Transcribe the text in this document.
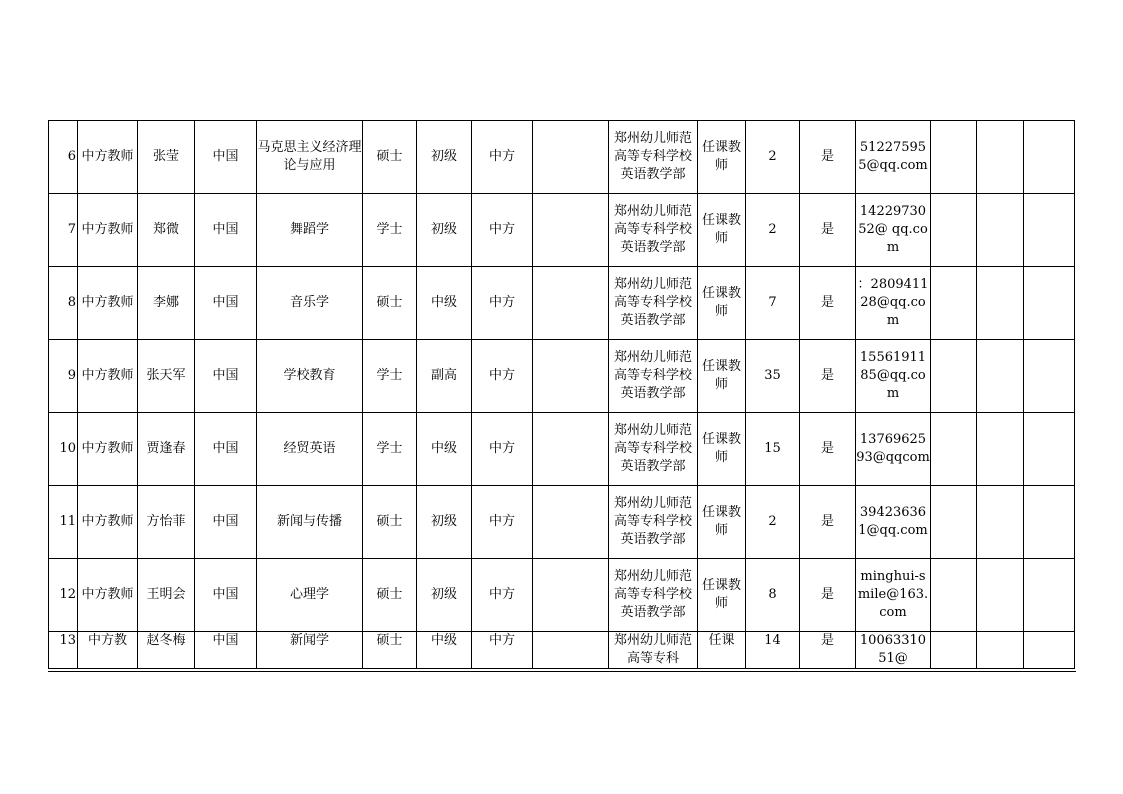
6	中方教师	张莹	中国	马克思主义经济理论与应用	硕士	初级	中方		郑州幼儿师范高等专科学校英语教学部	任课教师	2	是	512275955@qq.com			
7	中方教师	郑微	中国	舞蹈学	学士	初级	中方		郑州幼儿师范高等专科学校英语教学部	任课教师	2	是	1422973052@ qq.com			
8	中方教师	李娜	中国	音乐学	硕士	中级	中方		郑州幼儿师范高等专科学校英语教学部	任课教师	7	是	：280941128@qq.com			
9	中方教师	张天军	中国	学校教育	学士	副高	中方		郑州幼儿师范高等专科学校英语教学部	任课教师	35	是	1556191185@qq.com			
10	中方教师	贾逢春	中国	经贸英语	学士	中级	中方		郑州幼儿师范高等专科学校英语教学部	任课教师	15	是	1376962593@qqcom			
11	中方教师	方怡菲	中国	新闻与传播	硕士	初级	中方		郑州幼儿师范高等专科学校英语教学部	任课教师	2	是	394236361@qq.com			
12	中方教师	王明会	中国	心理学	硕士	初级	中方		郑州幼儿师范高等专科学校英语教学部	任课教师	8	是	minghui-smile@163.com			
13	中方教	赵冬梅	中国	新闻学	硕士	中级	中方		郑州幼儿师范高等专科	任课	14	是	1006331051@			
